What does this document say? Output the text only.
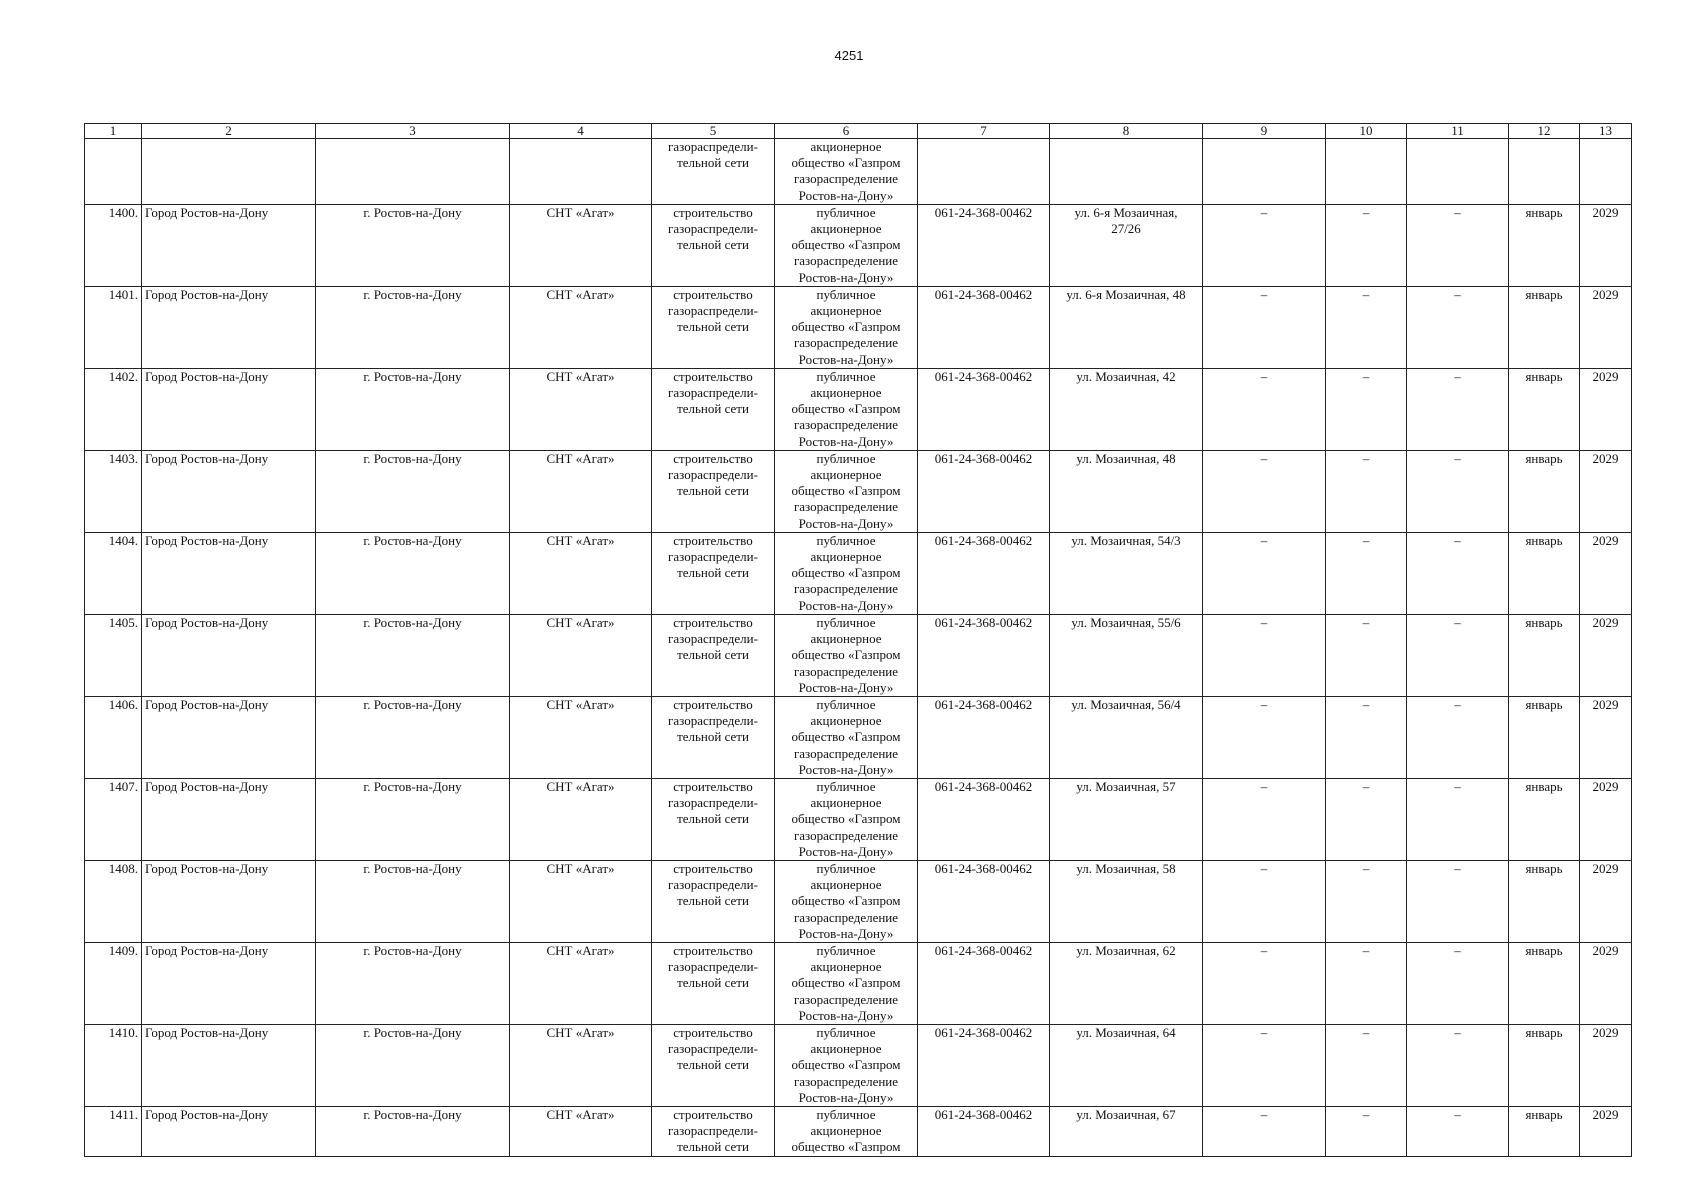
4251
1	2	3	4	5	6	7	8	9	10	11	12	13
				газораспредели-
тельной сети	акционерное
общество «Газпром
газораспределение
Ростов-на-Дону»							
1400.	Город Ростов-на-Дону	г. Ростов-на-Дону	СНТ «Агат»	строительство
газораспредели-
тельной сети	публичное
акционерное
общество «Газпром
газораспределение
Ростов-на-Дону»	061-24-368-00462	ул. 6-я Мозаичная,
27/26	–	–	–	январь	2029
1401.	Город Ростов-на-Дону	г. Ростов-на-Дону	СНТ «Агат»	строительство
газораспредели-
тельной сети	публичное
акционерное
общество «Газпром
газораспределение
Ростов-на-Дону»	061-24-368-00462	ул. 6-я Мозаичная, 48	–	–	–	январь	2029
1402.	Город Ростов-на-Дону	г. Ростов-на-Дону	СНТ «Агат»	строительство
газораспредели-
тельной сети	публичное
акционерное
общество «Газпром
газораспределение
Ростов-на-Дону»	061-24-368-00462	ул. Мозаичная, 42	–	–	–	январь	2029
1403.	Город Ростов-на-Дону	г. Ростов-на-Дону	СНТ «Агат»	строительство
газораспредели-
тельной сети	публичное
акционерное
общество «Газпром
газораспределение
Ростов-на-Дону»	061-24-368-00462	ул. Мозаичная, 48	–	–	–	январь	2029
1404.	Город Ростов-на-Дону	г. Ростов-на-Дону	СНТ «Агат»	строительство
газораспредели-
тельной сети	публичное
акционерное
общество «Газпром
газораспределение
Ростов-на-Дону»	061-24-368-00462	ул. Мозаичная, 54/3	–	–	–	январь	2029
1405.	Город Ростов-на-Дону	г. Ростов-на-Дону	СНТ «Агат»	строительство
газораспредели-
тельной сети	публичное
акционерное
общество «Газпром
газораспределение
Ростов-на-Дону»	061-24-368-00462	ул. Мозаичная, 55/6	–	–	–	январь	2029
1406.	Город Ростов-на-Дону	г. Ростов-на-Дону	СНТ «Агат»	строительство
газораспредели-
тельной сети	публичное
акционерное
общество «Газпром
газораспределение
Ростов-на-Дону»	061-24-368-00462	ул. Мозаичная, 56/4	–	–	–	январь	2029
1407.	Город Ростов-на-Дону	г. Ростов-на-Дону	СНТ «Агат»	строительство
газораспредели-
тельной сети	публичное
акционерное
общество «Газпром
газораспределение
Ростов-на-Дону»	061-24-368-00462	ул. Мозаичная, 57	–	–	–	январь	2029
1408.	Город Ростов-на-Дону	г. Ростов-на-Дону	СНТ «Агат»	строительство
газораспредели-
тельной сети	публичное
акционерное
общество «Газпром
газораспределение
Ростов-на-Дону»	061-24-368-00462	ул. Мозаичная, 58	–	–	–	январь	2029
1409.	Город Ростов-на-Дону	г. Ростов-на-Дону	СНТ «Агат»	строительство
газораспредели-
тельной сети	публичное
акционерное
общество «Газпром
газораспределение
Ростов-на-Дону»	061-24-368-00462	ул. Мозаичная, 62	–	–	–	январь	2029
1410.	Город Ростов-на-Дону	г. Ростов-на-Дону	СНТ «Агат»	строительство
газораспредели-
тельной сети	публичное
акционерное
общество «Газпром
газораспределение
Ростов-на-Дону»	061-24-368-00462	ул. Мозаичная, 64	–	–	–	январь	2029
1411.	Город Ростов-на-Дону	г. Ростов-на-Дону	СНТ «Агат»	строительство
газораспредели-
тельной сети	публичное
акционерное
общество «Газпром	061-24-368-00462	ул. Мозаичная, 67	–	–	–	январь	2029
